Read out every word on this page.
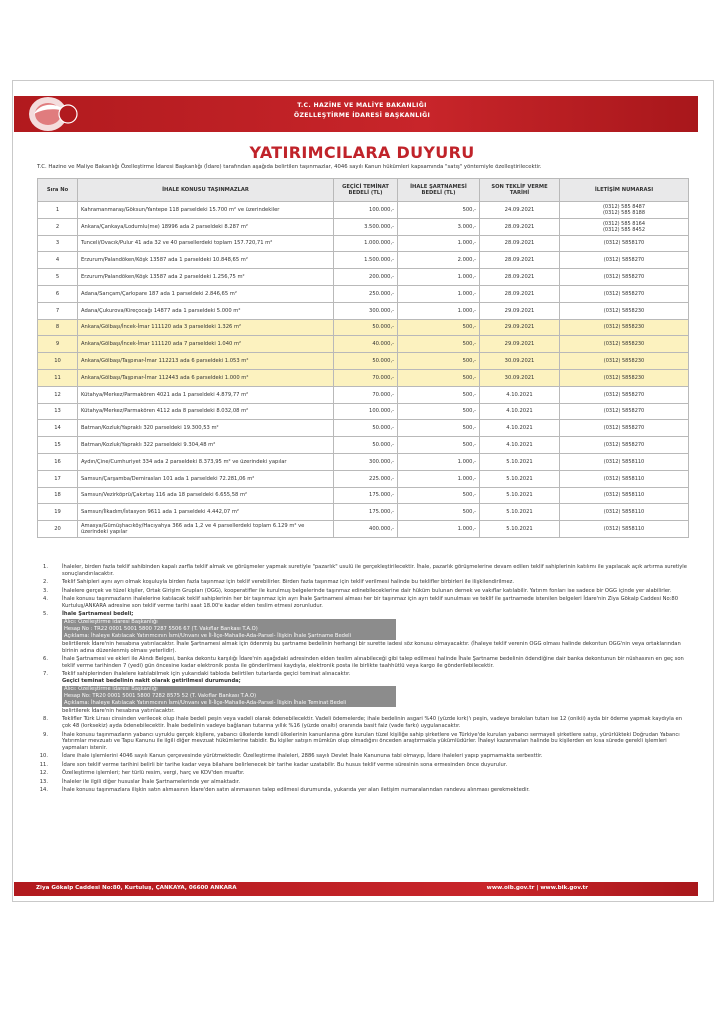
T.C. HAZİNE VE MALİYE BAKANLIĞI
ÖZELLEŞTİRME İDARESİ BAŞKANLIĞI
YATIRIMCILARA DUYURU
T.C. Hazine ve Maliye Bakanlığı Özelleştirme İdaresi Başkanlığı (İdare) tarafından aşağıda belirtilen taşınmazlar, 4046 sayılı Kanun hükümleri kapsamında "satış" yöntemiyle özelleştirilecektir.
Sıra No	İHALE KONUSU TAŞINMAZLAR	GEÇİCİ TEMİNAT BEDELİ (TL)	İHALE ŞARTNAMESİ BEDELİ (TL)	SON TEKLİF VERME TARİHİ	İLETİŞİM NUMARASI
1	Kahramanmaraş/Göksun/Yantepe 118 parseldeki 15.700 m² ve üzerindekiler	100.000,-	500,-	24.09.2021	(0312) 585 8487
(0312) 585 8188

2	Ankara/Çankaya/Lodumlu(me) 18996 ada 2 parseldeki 8.287 m²	3.500.000,-	3.000,-	28.09.2021	(0312) 585 8164
(0312) 585 8452

3	Tunceli/Ovacık/Pulur 41 ada 32 ve 40 parsellerdeki toplam 157.720,71 m²	1.000.000,-	1.000,-	28.09.2021	(0312) 5858170

4	Erzurum/Palandöken/Köşk 13587 ada 1 parseldeki 10.848,65 m²	1.500.000,-	2.000,-	28.09.2021	(0312) 5858270

5	Erzurum/Palandöken/Köşk 13587 ada 2 parseldeki 1.256,75 m²	200.000,-	1.000,-	28.09.2021	(0312) 5858270

6	Adana/Sarıçam/Çarkıpare 187 ada 1 parseldeki 2.846,65 m²	250.000,-	1.000,-	28.09.2021	(0312) 5858270

7	Adana/Çukurova/Kireçocağı 14877 ada 1 parseldeki 5.000 m²	300.000,-	1.000,-	29.09.2021	(0312) 5858230

8	Ankara/Gölbaşı/İncek-İmar 111120 ada 3 parseldeki 1.326 m²	50.000,-	500,-	29.09.2021	(0312) 5858230

9	Ankara/Gölbaşı/İncek-İmar 111120 ada 7 parseldeki 1.040 m²	40.000,-	500,-	29.09.2021	(0312) 5858230

10	Ankara/Gölbaşı/Taşpınar-İmar 112213 ada 6 parseldeki 1.053 m²	50.000,-	500,-	30.09.2021	(0312) 5858230

11	Ankara/Gölbaşı/Taşpınar-İmar 112443 ada 6 parseldeki 1.000 m²	70.000,-	500,-	30.09.2021	(0312) 5858230

12	Kütahya/Merkez/Parmakören 4021 ada 1 parseldeki 4.879,77 m²	70.000,-	500,-	4.10.2021	(0312) 5858270

13	Kütahya/Merkez/Parmakören 4112 ada 8 parseldeki 8.032,08 m²	100.000,-	500,-	4.10.2021	(0312) 5858270

14	Batman/Kozluk/Yapraklı 320 parseldeki 19.300,53 m²	50.000,-	500,-	4.10.2021	(0312) 5858270

15	Batman/Kozluk/Yapraklı 322 parseldeki 9.304,48 m²	50.000,-	500,-	4.10.2021	(0312) 5858270

16	Aydın/Çine/Cumhuriyet 334 ada 2 parseldeki 8.373,95 m² ve üzerindeki yapılar	300.000,-	1.000,-	5.10.2021	(0312) 5858110

17	Samsun/Çarşamba/Demiraslan 101 ada 1 parseldeki 72.281,06 m²	225.000,-	1.000,-	5.10.2021	(0312) 5858110

18	Samsun/Vezirköprü/Çakırtaş 116 ada 18 parseldeki 6.655,58 m²	175.000,-	500,-	5.10.2021	(0312) 5858110

19	Samsun/İlkadım/İstasyon 9611 ada 1 parseldeki 4.442,07 m²	175.000,-	500,-	5.10.2021	(0312) 5858110

20	Amasya/Gümüşhacıköy/Hacıyahya 366 ada 1,2 ve 4 parsellerdeki toplam 6.129 m² ve üzerindeki yapılar	400.000,-	1.000,-	5.10.2021	(0312) 5858110
1.	İhaleler, birden fazla teklif sahibinden kapalı zarfla teklif almak ve görüşmeler yapmak suretiyle "pazarlık" usulü ile gerçekleştirilecektir. İhale, pazarlık görüşmelerine devam edilen teklif sahiplerinin katılımı ile yapılacak açık artırma suretiyle sonuçlandırılacaktır.
2.	Teklif Sahipleri aynı ayrı olmak koşuluyla birden fazla taşınmaz için teklif verebilirler. Birden fazla taşınmaz için teklif verilmesi halinde bu teklifler birbirleri ile ilişkilendirilmez.
3.	İhalelere gerçek ve tüzel kişiler, Ortak Girişim Grupları (OGG), kooperatifler ile kurulmuş belgelerinde taşınmaz edinebileceklerine dair hüküm bulunan dernek ve vakıflar katılabilir. Yatırım fonları ise sadece bir OGG içinde yer alabilirler.
4.	İhale konusu taşınmazların ihalelerine katılacak teklif sahiplerinin her bir taşınmaz için ayrı İhale Şartnamesi alması her bir taşınmaz için ayrı teklif sunulması ve teklif ile şartnamede istenilen belgeleri İdare'nin Ziya Gökalp Caddesi No:80 Kurtuluş/ANKARA adresine son teklif verme tarihi saat 18.00'e kadar elden teslim etmesi zorunludur.
5.	İhale Şartnamesi bedeli;
Alıcı: Özelleştirme İdaresi Başkanlığı
Hesap No : TR22 0001 5001 5800 7287 5506 67 (T. Vakıflar Bankası T.A.O)
Açıklama: İhaleye Katılacak Yatırımcının İsmi/Unvanı ve İl-İlçe-Mahalle-Ada-Parsel- İlişkin İhale Şartname Bedeli
belirtilerek İdare'nin hesabına yatırılacaktır. İhale Şartnamesi almak için ödenmiş bu şartname bedelinin herhangi bir surette iadesi söz konusu olmayacaktır. (İhaleye teklif verenin OGG olması halinde dekontun OGG'nin veya ortaklarından birinin adına düzenlenmiş olması yeterlidir).
6.	İhale Şartnamesi ve ekleri ile Alındı Belgesi, banka dekontu karşılığı İdare'nin aşağıdaki adresinden elden teslim alınabileceği gibi talep edilmesi halinde İhale Şartname bedelinin ödendiğine dair banka dekontunun bir nüshasının en geç son teklif verme tarihinden 7 (yedi) gün öncesine kadar elektronik posta ile gönderilmesi kaydıyla, elektronik posta ile birlikte taahhütlü veya kargo ile gönderilebilecektir.
7.	Teklif sahiplerinden ihalelere katılabilmek için yukarıdaki tabloda belirtilen tutarlarda geçici teminat alınacaktır.
Geçici teminat bedelinin nakit olarak getirilmesi durumunda;
Alıcı: Özelleştirme İdaresi Başkanlığı
Hesap No: TR20 0001 5001 5800 7282 8575 52 (T. Vakıflar Bankası T.A.O)
Açıklama: İhaleye Katılacak Yatırımcının İsmi/Unvanı ve İl-İlçe-Mahalle-Ada-Parsel- İlişkin İhale Teminat Bedeli
belirtilerek İdare'nin hesabına yatırılacaktır.
8.	Teklifler Türk Lirası cinsinden verilecek olup ihale bedeli peşin veya vadeli olarak ödenebilecektir. Vadeli ödemelerde; ihale bedelinin asgari %40 (yüzde kırk)'ı peşin, vadeye bırakılan tutarı ise 12 (onikii) ayda bir ödeme yapmak kaydıyla en çok 48 (kırksekiz) ayda ödenebilecektir. İhale bedelinin vadeye bağlanan tutarına yıllık %16 (yüzde onaltı) oranında basit faiz (vade farkı) uygulanacaktır.
9.	İhale konusu taşınmazların yabancı uyruklu gerçek kişilere, yabancı ülkelerde kendi ülkelerinin kanunlarına göre kurulan tüzel kişiliğe sahip şirketlere ve Türkiye'de kurulan yabancı sermayeli şirketlere satışı, yürürlükteki Doğrudan Yabancı Yatırımlar mevzuatı ve Tapu Kanunu ile ilgili diğer mevzuat hükümlerine tabidir. Bu kişiler satışın mümkün olup olmadığını önceden araştırmakla yükümlüdürler. İhaleyi kazanmaları halinde bu kişilerden en kısa sürede gerekli işlemleri yapmaları istenir.
10.	İdare ihale işlemlerini 4046 sayılı Kanun çerçevesinde yürütmektedir. Özelleştirme ihaleleri, 2886 sayılı Devlet İhale Kanununa tabi olmayıp, İdare ihaleleri yapıp yapmamakta serbesttir.
11.	İdare son teklif verme tarihini belirli bir tarihe kadar veya bilahare belirlenecek bir tarihe kadar uzatabilir. Bu husus teklif verme süresinin sona ermesinden önce duyurulur.
12.	Özelleştirme işlemleri; her türlü resim, vergi, harç ve KDV'den muaftır.
13.	İhaleler ile ilgili diğer hususlar İhale Şartnamelerinde yer almaktadır.
14.	İhale konusu taşınmazlara ilişkin satın alımasının İdare'den satın alınmasının talep edilmesi durumunda, yukarıda yer alan iletişim numaralarından randevu alınması gerekmektedir.
Ziya Gökalp Caddesi No:80, Kurtuluş, ÇANKAYA, 06600 ANKARA	www.oib.gov.tr | www.bik.gov.tr
